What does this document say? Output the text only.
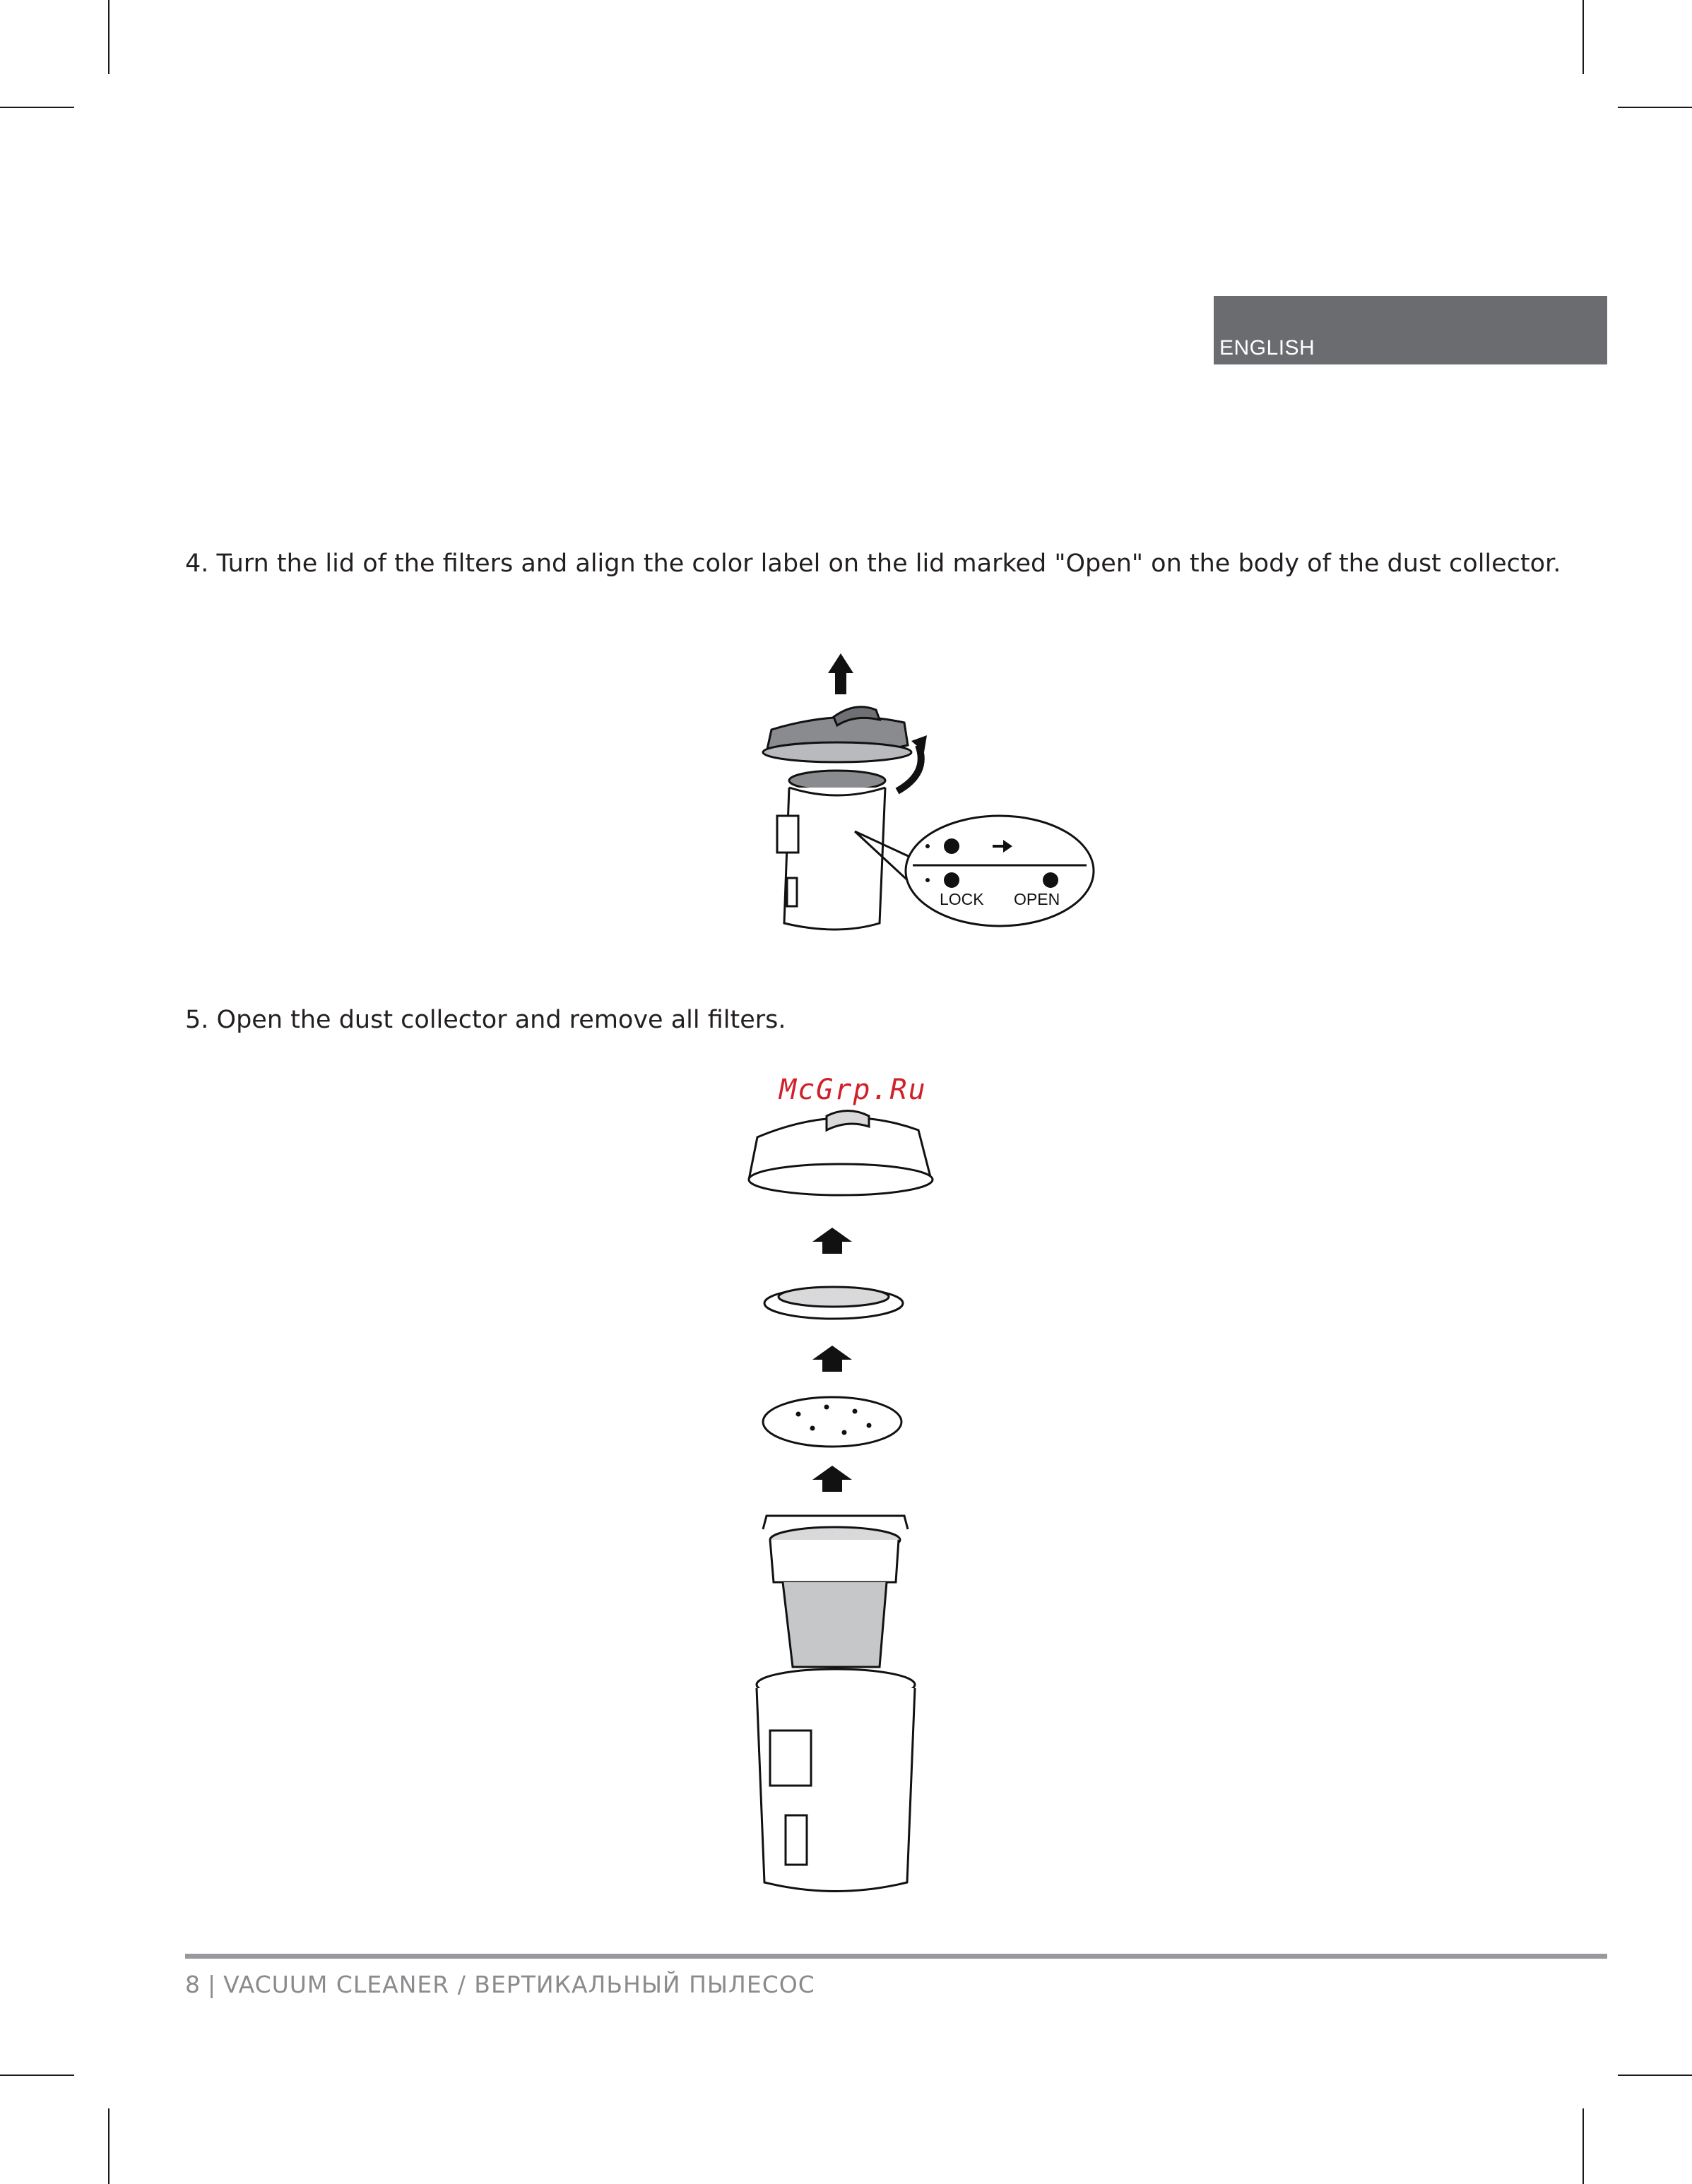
ENGLISH
4. Turn the lid of the filters and align the color label on the lid marked "Open" on the body of the dust collector.
LOCK OPEN
5. Open the dust collector and remove all filters.
McGrp.Ru
8 | VACUUM CLEANER / ВЕРТИКАЛЬНЫЙ ПЫЛЕСОС
